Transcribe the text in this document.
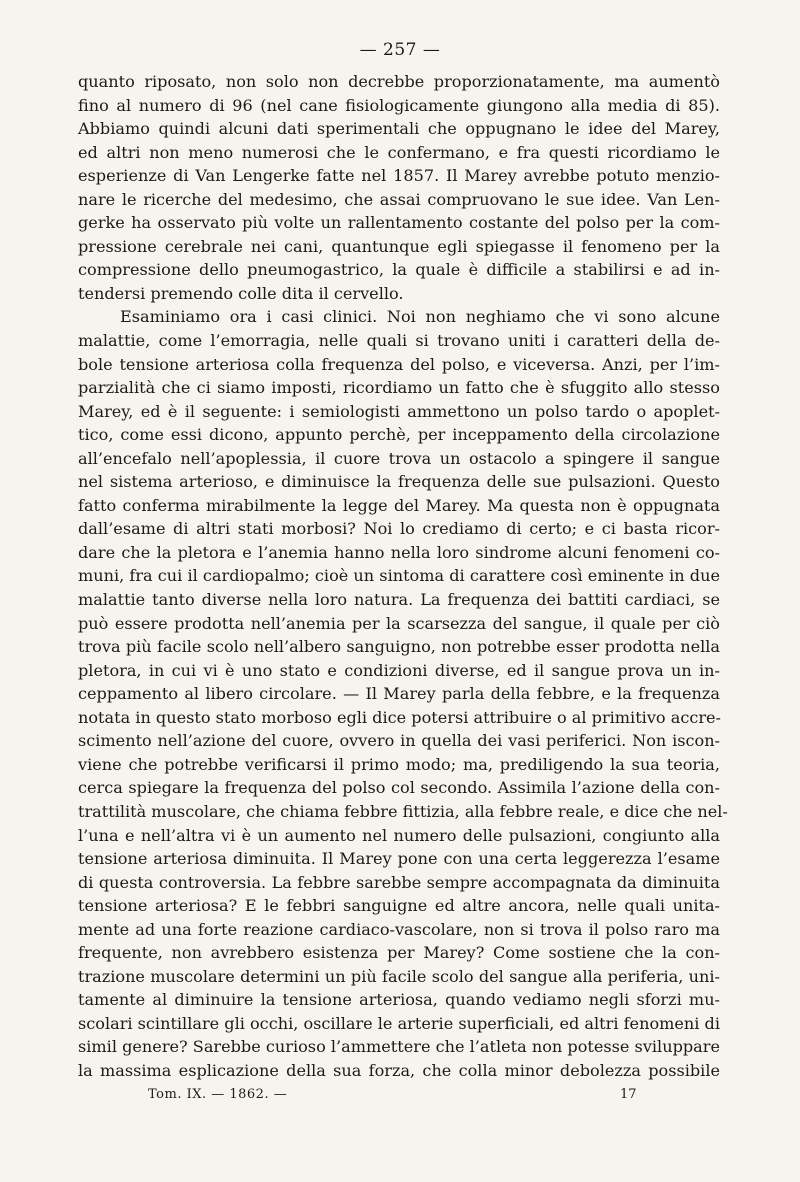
— 257 —
quanto riposato, non solo non decrebbe proporzionatamente, ma aumentò
fino al numero di 96 (nel cane fisiologicamente giungono alla media di 85).
Abbiamo quindi alcuni dati sperimentali che oppugnano le idee del Marey,
ed altri non meno numerosi che le confermano, e fra questi ricordiamo le
esperienze di Van Lengerke fatte nel 1857. Il Marey avrebbe potuto menzio-
nare le ricerche del medesimo, che assai compruovano le sue idee. Van Len-
gerke ha osservato più volte un rallentamento costante del polso per la com-
pressione cerebrale nei cani, quantunque egli spiegasse il fenomeno per la
compressione dello pneumogastrico, la quale è difficile a stabilirsi e ad in-
tendersi premendo colle dita il cervello.
Esaminiamo ora i casi clinici. Noi non neghiamo che vi sono alcune
malattie, come l’emorragia, nelle quali si trovano uniti i caratteri della de-
bole tensione arteriosa colla frequenza del polso, e viceversa. Anzi, per l’im-
parzialità che ci siamo imposti, ricordiamo un fatto che è sfuggito allo stesso
Marey, ed è il seguente: i semiologisti ammettono un polso tardo o apoplet-
tico, come essi dicono, appunto perchè, per inceppamento della circolazione
all’encefalo nell’apoplessia, il cuore trova un ostacolo a spingere il sangue
nel sistema arterioso, e diminuisce la frequenza delle sue pulsazioni. Questo
fatto conferma mirabilmente la legge del Marey. Ma questa non è oppugnata
dall’esame di altri stati morbosi? Noi lo crediamo di certo; e ci basta ricor-
dare che la pletora e l’anemia hanno nella loro sindrome alcuni fenomeni co-
muni, fra cui il cardiopalmo; cioè un sintoma di carattere così eminente in due
malattie tanto diverse nella loro natura. La frequenza dei battiti cardiaci, se
può essere prodotta nell’anemia per la scarsezza del sangue, il quale per ciò
trova più facile scolo nell’albero sanguigno, non potrebbe esser prodotta nella
pletora, in cui vi è uno stato e condizioni diverse, ed il sangue prova un in-
ceppamento al libero circolare. — Il Marey parla della febbre, e la frequenza
notata in questo stato morboso egli dice potersi attribuire o al primitivo accre-
scimento nell’azione del cuore, ovvero in quella dei vasi periferici. Non iscon-
viene che potrebbe verificarsi il primo modo; ma, prediligendo la sua teoria,
cerca spiegare la frequenza del polso col secondo. Assimila l’azione della con-
trattilità muscolare, che chiama febbre fittizia, alla febbre reale, e dice che nel-
l’una e nell’altra vi è un aumento nel numero delle pulsazioni, congiunto alla
tensione arteriosa diminuita. Il Marey pone con una certa leggerezza l’esame
di questa controversia. La febbre sarebbe sempre accompagnata da diminuita
tensione arteriosa? E le febbri sanguigne ed altre ancora, nelle quali unita-
mente ad una forte reazione cardiaco-vascolare, non si trova il polso raro ma
frequente, non avrebbero esistenza per Marey? Come sostiene che la con-
trazione muscolare determini un più facile scolo del sangue alla periferia, uni-
tamente al diminuire la tensione arteriosa, quando vediamo negli sforzi mu-
scolari scintillare gli occhi, oscillare le arterie superficiali, ed altri fenomeni di
simil genere? Sarebbe curioso l’ammettere che l’atleta non potesse sviluppare
la massima esplicazione della sua forza, che colla minor debolezza possibile
Tom. IX. — 1862. —	17
